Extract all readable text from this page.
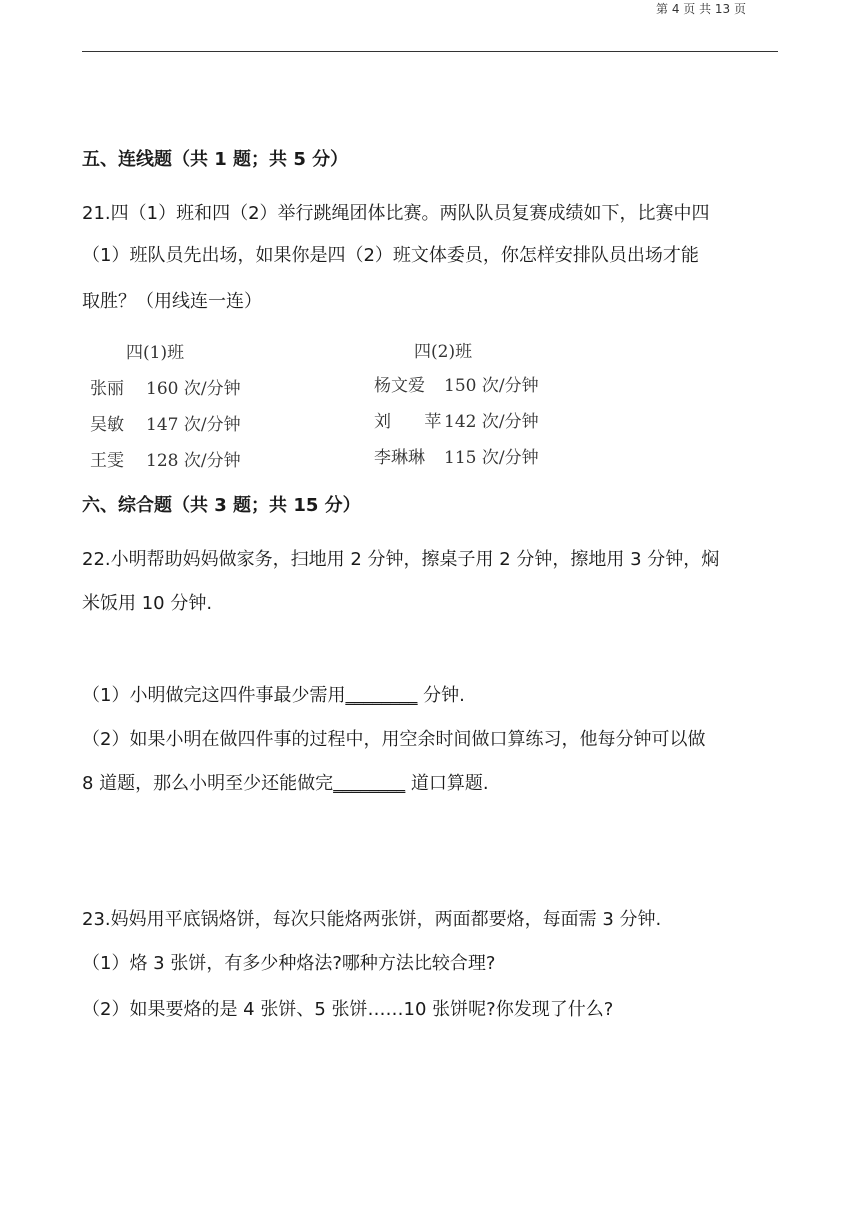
五、连线题（共 1 题；共 5 分）
21.四（1）班和四（2）举行跳绳团体比赛。两队队员复赛成绩如下，比赛中四
（1）班队员先出场，如果你是四（2）班文体委员，你怎样安排队员出场才能
取胜？（用线连一连）
四(1)班
张丽 160 次/分钟
吴敏 147 次/分钟
王雯 128 次/分钟
四(2)班
杨文爱 150 次/分钟
刘 苹142 次/分钟
李琳琳 115 次/分钟
六、综合题（共 3 题；共 15 分）
22.小明帮助妈妈做家务，扫地用 2 分钟，擦桌子用 2 分钟，擦地用 3 分钟，焖
米饭用 10 分钟.
（1）小明做完这四件事最少需用________ 分钟.
（2）如果小明在做四件事的过程中，用空余时间做口算练习，他每分钟可以做
8 道题，那么小明至少还能做完________ 道口算题.
23.妈妈用平底锅烙饼，每次只能烙两张饼，两面都要烙，每面需 3 分钟.
（1）烙 3 张饼，有多少种烙法?哪种方法比较合理?
（2）如果要烙的是 4 张饼、5 张饼……10 张饼呢?你发现了什么?
第 4 页 共 13 页
